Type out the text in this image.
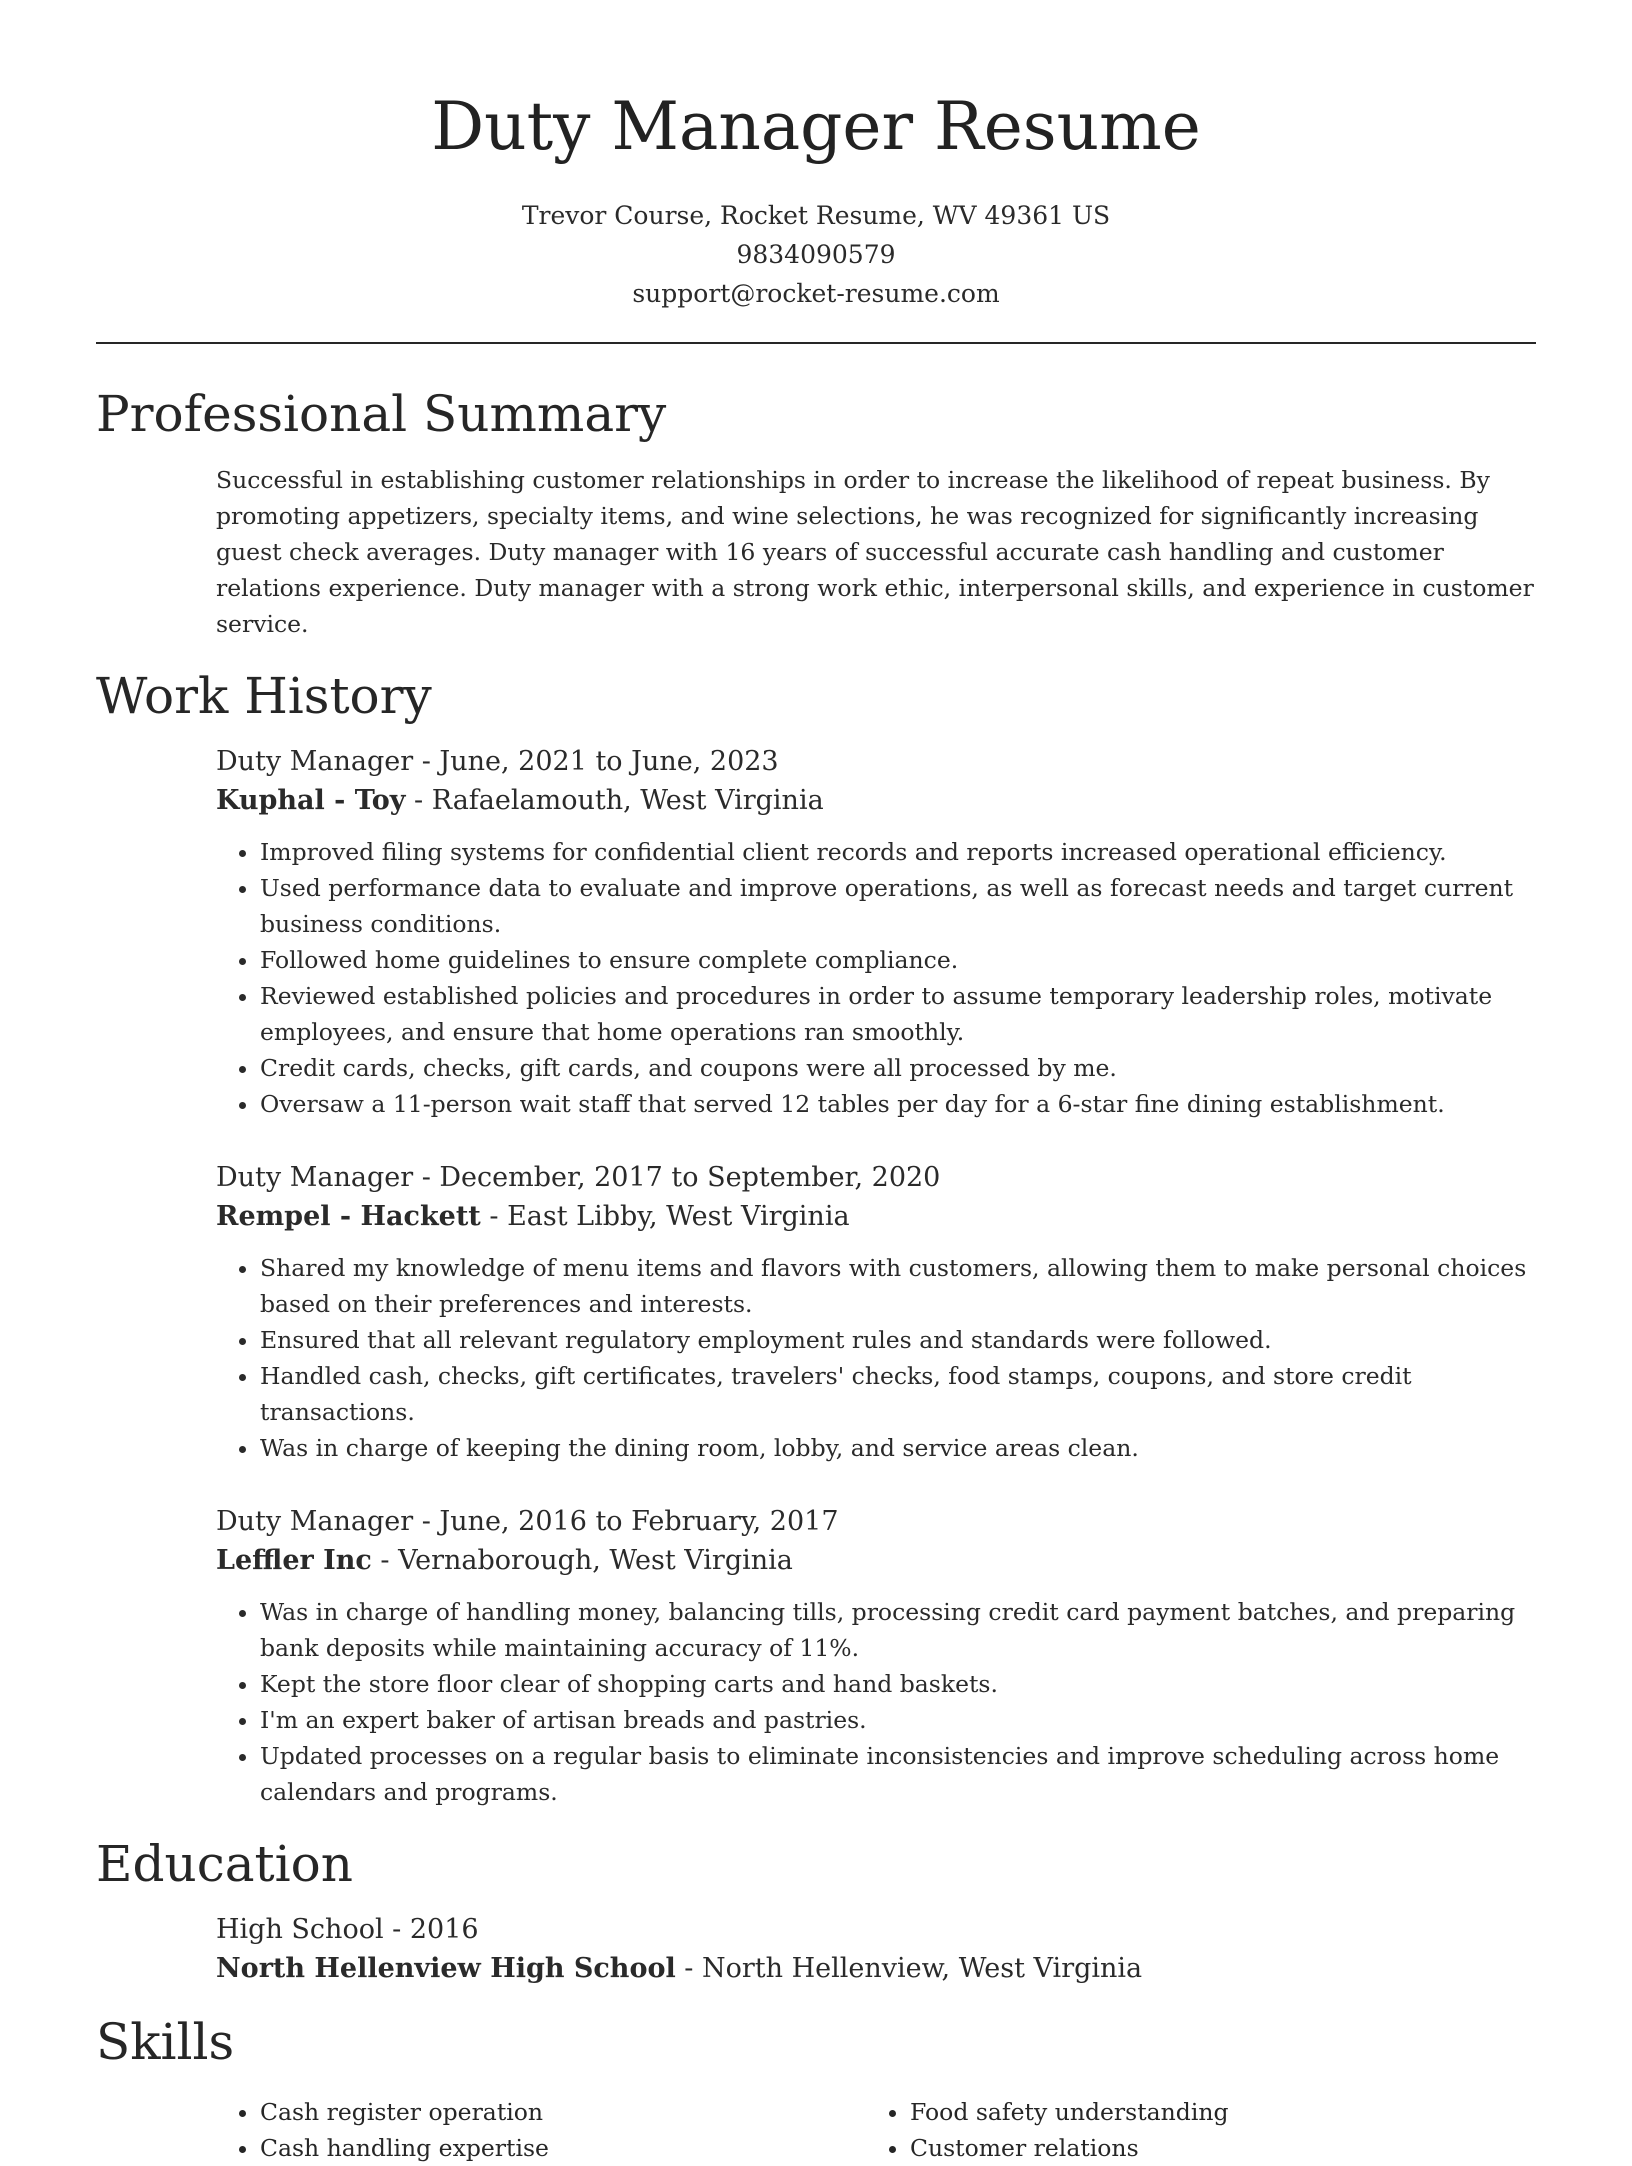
Duty Manager Resume
Trevor Course, Rocket Resume, WV 49361 US
9834090579
support@rocket-resume.com
Professional Summary

Successful in establishing customer relationships in order to increase the likelihood of repeat business. By promoting appetizers, specialty items, and wine selections, he was recognized for significantly increasing guest check averages. Duty manager with 16 years of successful accurate cash handling and customer relations experience. Duty manager with a strong work ethic, interpersonal skills, and experience in customer service.

Work History
Duty Manager - June, 2021 to June, 2023
Kuphal - Toy - Rafaelamouth, West Virginia
• Improved filing systems for confidential client records and reports increased operational efficiency.
• Used performance data to evaluate and improve operations, as well as forecast needs and target current business conditions.
• Followed home guidelines to ensure complete compliance.
• Reviewed established policies and procedures in order to assume temporary leadership roles, motivate employees, and ensure that home operations ran smoothly.
• Credit cards, checks, gift cards, and coupons were all processed by me.
• Oversaw a 11-person wait staff that served 12 tables per day for a 6-star fine dining establishment.
Duty Manager - December, 2017 to September, 2020
Rempel - Hackett - East Libby, West Virginia
• Shared my knowledge of menu items and flavors with customers, allowing them to make personal choices based on their preferences and interests.
• Ensured that all relevant regulatory employment rules and standards were followed.
• Handled cash, checks, gift certificates, travelers' checks, food stamps, coupons, and store credit transactions.
• Was in charge of keeping the dining room, lobby, and service areas clean.
Duty Manager - June, 2016 to February, 2017
Leffler Inc - Vernaborough, West Virginia
• Was in charge of handling money, balancing tills, processing credit card payment batches, and preparing bank deposits while maintaining accuracy of 11%.
• Kept the store floor clear of shopping carts and hand baskets.
• I'm an expert baker of artisan breads and pastries.
• Updated processes on a regular basis to eliminate inconsistencies and improve scheduling across home calendars and programs.
Education
High School - 2016
North Hellenview High School - North Hellenview, West Virginia
Skills
• Cash register operation
• Cash handling expertise
• Food safety understanding
• Customer relations
